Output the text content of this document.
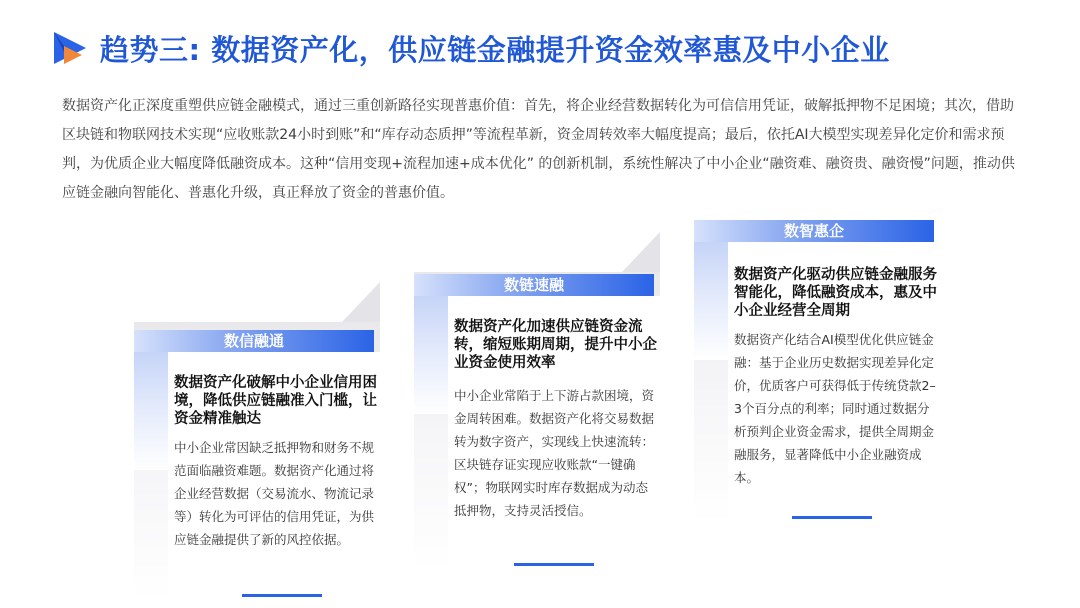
趋势三: 数据资产化，供应链金融提升资金效率惠及中小企业
数据资产化正深度重塑供应链金融模式，通过三重创新路径实现普惠价值：首先，将企业经营数据转化为可信信用凭证，破解抵押物不足困境；其次，借助区块链和物联网技术实现“应收账款24小时到账”和“库存动态质押”等流程革新，资金周转效率大幅度提高；最后，依托AI大模型实现差异化定价和需求预判，为优质企业大幅度降低融资成本。这种“信用变现+流程加速+成本优化” 的创新机制，系统性解决了中小企业“融资难、融资贵、融资慢”问题，推动供应链金融向智能化、普惠化升级，真正释放了资金的普惠价值。
数信融通
数据资产化破解中小企业信用困境，降低供应链融准入门槛，让资金精准触达
中小企业常因缺乏抵押物和财务不规范面临融资难题。数据资产化通过将企业经营数据（交易流水、物流记录等）转化为可评估的信用凭证，为供应链金融提供了新的风控依据。
数链速融
数据资产化加速供应链资金流转，缩短账期周期，提升中小企业资金使用效率
中小企业常陷于上下游占款困境，资金周转困难。数据资产化将交易数据转为数字资产，实现线上快速流转：区块链存证实现应收账款“一键确权”；物联网实时库存数据成为动态抵押物，支持灵活授信。
数智惠企
数据资产化驱动供应链金融服务智能化，降低融资成本，惠及中小企业经营全周期
数据资产化结合AI模型优化供应链金融：基于企业历史数据实现差异化定价，优质客户可获得低于传统贷款2–3个百分点的利率；同时通过数据分析预判企业资金需求，提供全周期金融服务，显著降低中小企业融资成本。
